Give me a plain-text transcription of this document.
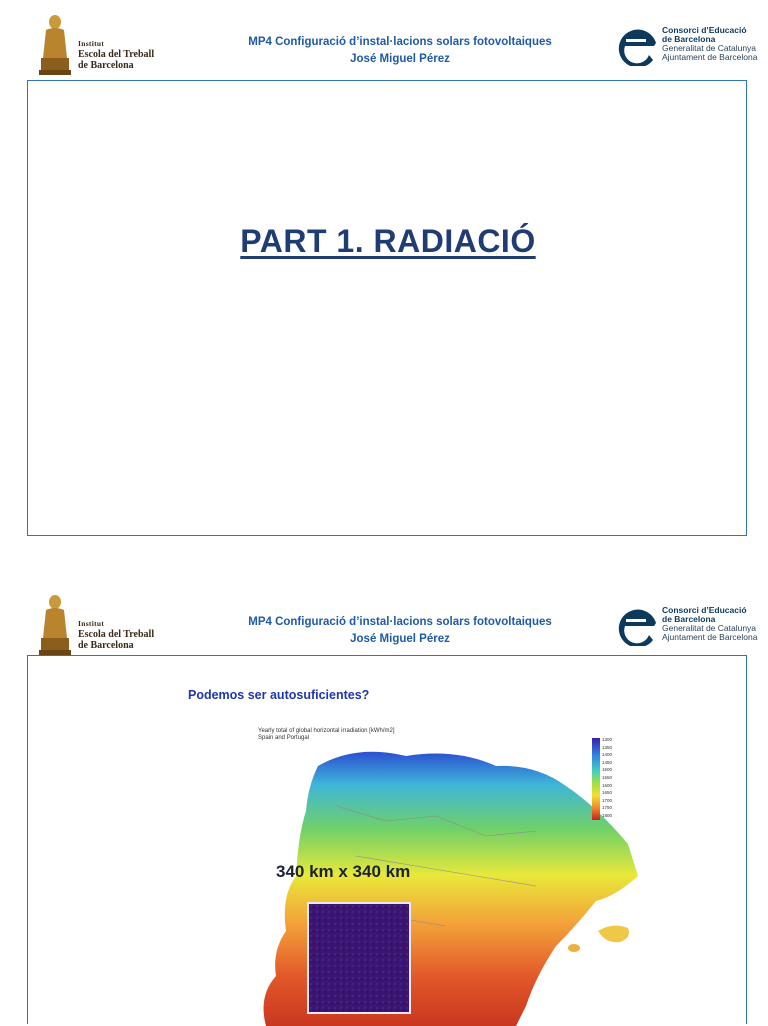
Institut
Escola del Treball
de Barcelona
MP4 Configuració d’instal·lacions solars fotovoltaiques
José Miguel Pérez
Consorci d’Educació
de Barcelona
Generalitat de Catalunya
Ajuntament de Barcelona
PART 1. RADIACIÓ
Institut
Escola del Treball
de Barcelona
MP4 Configuració d’instal·lacions solars fotovoltaiques
José Miguel Pérez
Consorci d’Educació
de Barcelona
Generalitat de Catalunya
Ajuntament de Barcelona
Podemos ser autosuficientes?
Yearly total of global horizontal irradiation [kWh/m2]
Spain and Portugal	1300
1350
1400
1450
1500
1550
1600
1650
1700
1750
1800
340 km x 340 km
